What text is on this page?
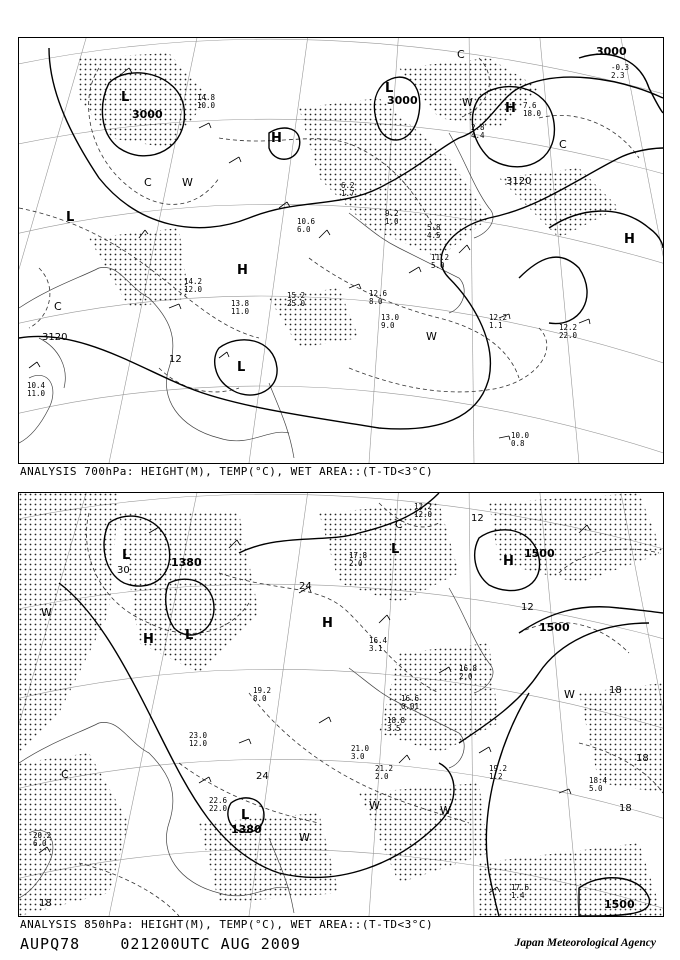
3000
3000
3000
3120
3120
12
L
L
L
L
H
H
H
H
W
W
W
C
C
C
C
14.8
10.0
10.4
11.0
12.2
1.1	12.2
22.0
10.0
0.8
13.0
9.0
12.6
8.0
11.2
5.0
14.2
12.0
13.8
11.0
15.2
25.0
10.6
6.0	5.8
4.5
9.2
1.0
6.2
1.7
2.8
4.4
7.6
18.0
-0.3
2.3
ANALYSIS 700hPa: HEIGHT(M), TEMP(°C), WET AREA::(T-TD<3°C)
1380
1380
1500
1500
1500
30
24
24
18
18
18
18
12
12
L
L
L
L
H
H
H
W
W
W	W
W
C
C
12.2
12.0
17.8
2.0
16.6
0.01
21.0
3.0
19.2
1.2	18.4
5.0
17.6
1.4
22.6
22.0
20.2
6.0
23.0
12.0
16.4
3.1
18.8
3.5
16.8
2.0
19.2
8.0
21.2
2.0
ANALYSIS 850hPa: HEIGHT(M), TEMP(°C), WET AREA::(T-TD<3°C)
AUPQ78	021200UTC AUG 2009	Japan Meteorological Agency
